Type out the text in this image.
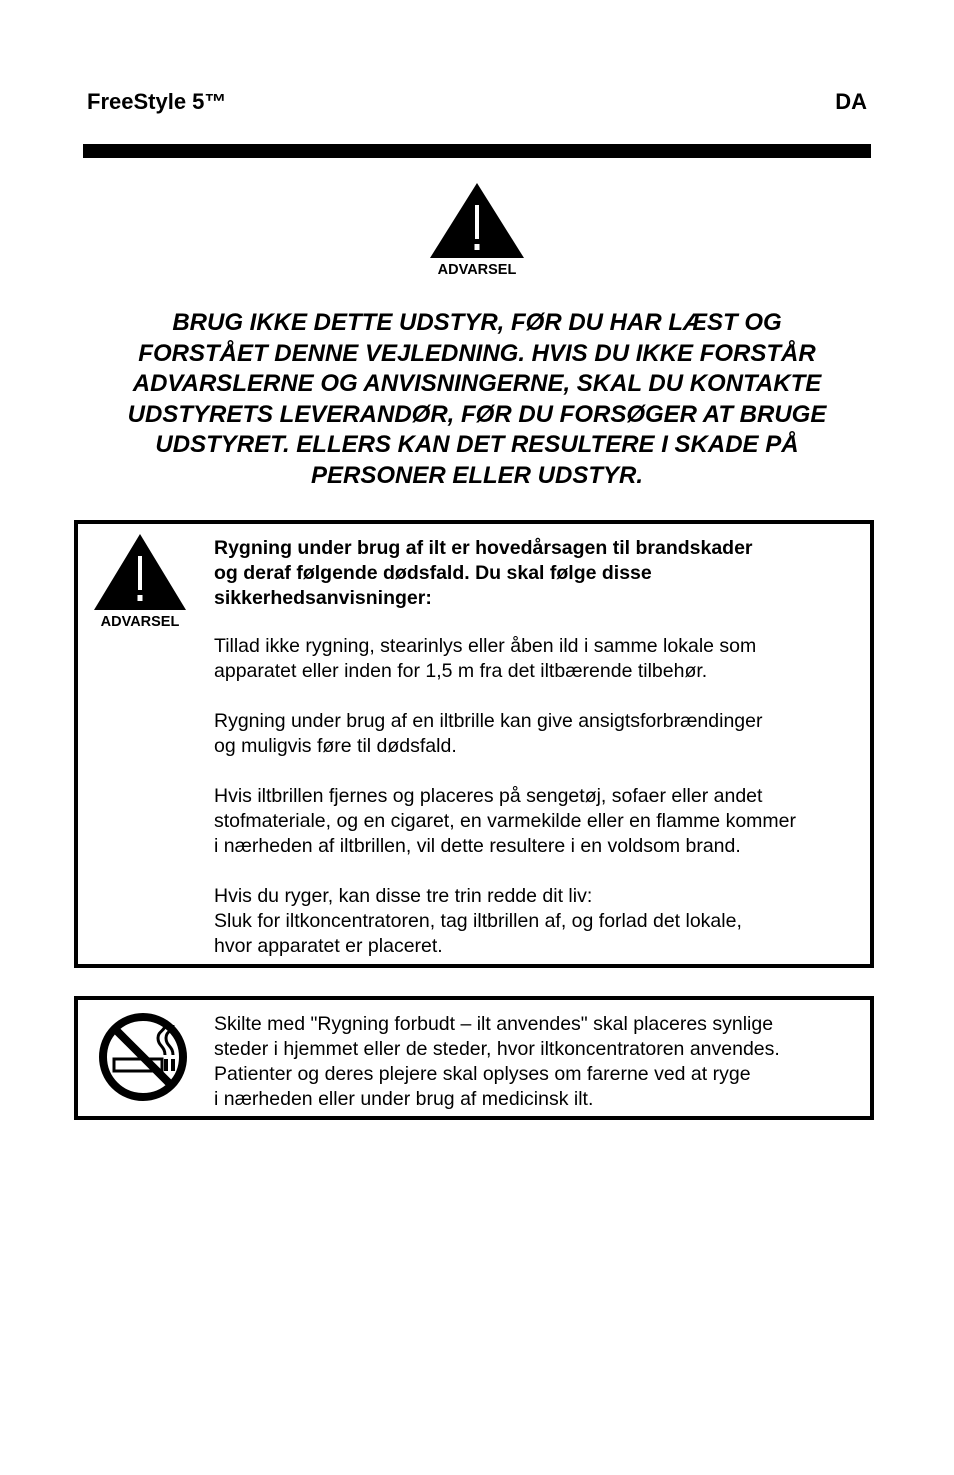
FreeStyle 5™	DA
ADVARSEL
BRUG IKKE DETTE UDSTYR, FØR DU HAR LÆST OG
FORSTÅET DENNE VEJLEDNING. HVIS DU IKKE FORSTÅR
ADVARSLERNE OG ANVISNINGERNE, SKAL DU KONTAKTE
UDSTYRETS LEVERANDØR, FØR DU FORSØGER AT BRUGE
UDSTYRET. ELLERS KAN DET RESULTERE I SKADE PÅ
PERSONER ELLER UDSTYR.
ADVARSEL
Rygning under brug af ilt er hovedårsagen til brandskader
og deraf følgende dødsfald. Du skal følge disse
sikkerhedsanvisninger:
Tillad ikke rygning, stearinlys eller åben ild i samme lokale som
apparatet eller inden for 1,5 m fra det iltbærende tilbehør.
Rygning under brug af en iltbrille kan give ansigtsforbrændinger
og muligvis føre til dødsfald.
Hvis iltbrillen fjernes og placeres på sengetøj, sofaer eller andet
stofmateriale, og en cigaret, en varmekilde eller en flamme kommer
i nærheden af iltbrillen, vil dette resultere i en voldsom brand.
Hvis du ryger, kan disse tre trin redde dit liv:
Sluk for iltkoncentratoren, tag iltbrillen af, og forlad det lokale,
hvor apparatet er placeret.
Skilte med "Rygning forbudt – ilt anvendes" skal placeres synlige
steder i hjemmet eller de steder, hvor iltkoncentratoren anvendes.
Patienter og deres plejere skal oplyses om farerne ved at ryge
i nærheden eller under brug af medicinsk ilt.
